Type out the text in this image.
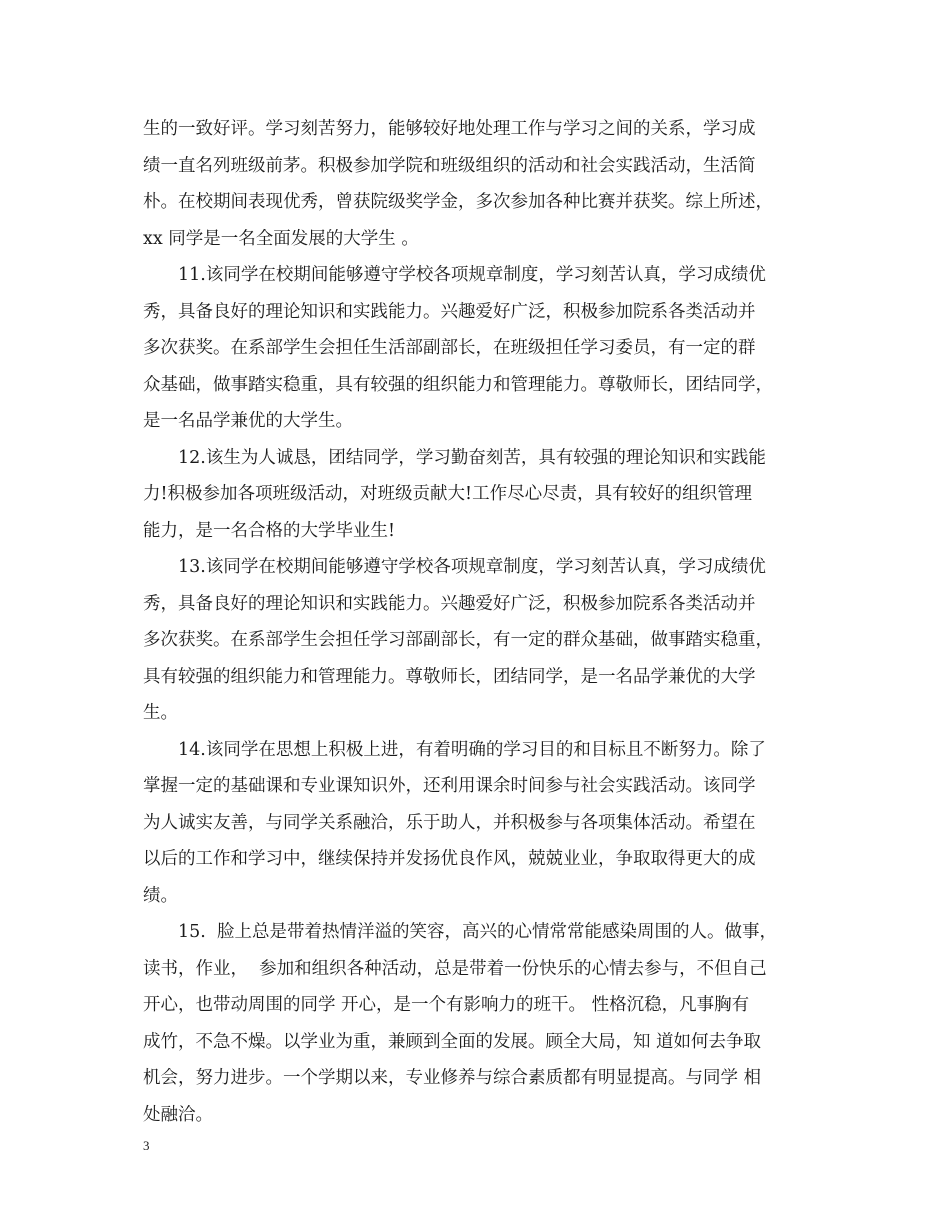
生的一致好评。学习刻苦努力，能够较好地处理工作与学习之间的关系，学习成
绩一直名列班级前茅。积极参加学院和班级组织的活动和社会实践活动，生活简
朴。在校期间表现优秀，曾获院级奖学金，多次参加各种比赛并获奖。综上所述，
xx 同学是一名全面发展的大学生 。
11.该同学在校期间能够遵守学校各项规章制度，学习刻苦认真，学习成绩优
秀，具备良好的理论知识和实践能力。兴趣爱好广泛，积极参加院系各类活动并
多次获奖。在系部学生会担任生活部副部长，在班级担任学习委员，有一定的群
众基础，做事踏实稳重，具有较强的组织能力和管理能力。尊敬师长，团结同学，
是一名品学兼优的大学生。
12.该生为人诚恳，团结同学，学习勤奋刻苦，具有较强的理论知识和实践能
力!积极参加各项班级活动，对班级贡献大!工作尽心尽责，具有较好的组织管理
能力，是一名合格的大学毕业生!
13.该同学在校期间能够遵守学校各项规章制度，学习刻苦认真，学习成绩优
秀，具备良好的理论知识和实践能力。兴趣爱好广泛，积极参加院系各类活动并
多次获奖。在系部学生会担任学习部副部长，有一定的群众基础，做事踏实稳重，
具有较强的组织能力和管理能力。尊敬师长，团结同学，是一名品学兼优的大学
生。
14.该同学在思想上积极上进，有着明确的学习目的和目标且不断努力。除了
掌握一定的基础课和专业课知识外，还利用课余时间参与社会实践活动。该同学
为人诚实友善，与同学关系融洽，乐于助人，并积极参与各项集体活动。希望在
以后的工作和学习中，继续保持并发扬优良作风，兢兢业业，争取取得更大的成
绩。
15.  脸上总是带着热情洋溢的笑容，高兴的心情常常能感染周围的人。做事，
读书，作业，  参加和组织各种活动，总是带着一份快乐的心情去参与，不但自己
开心，也带动周围的同学 开心，是一个有影响力的班干。 性格沉稳，凡事胸有
成竹，不急不燥。以学业为重，兼顾到全面的发展。顾全大局，知 道如何去争取
机会，努力进步。一个学期以来，专业修养与综合素质都有明显提高。与同学 相
处融洽。
3
